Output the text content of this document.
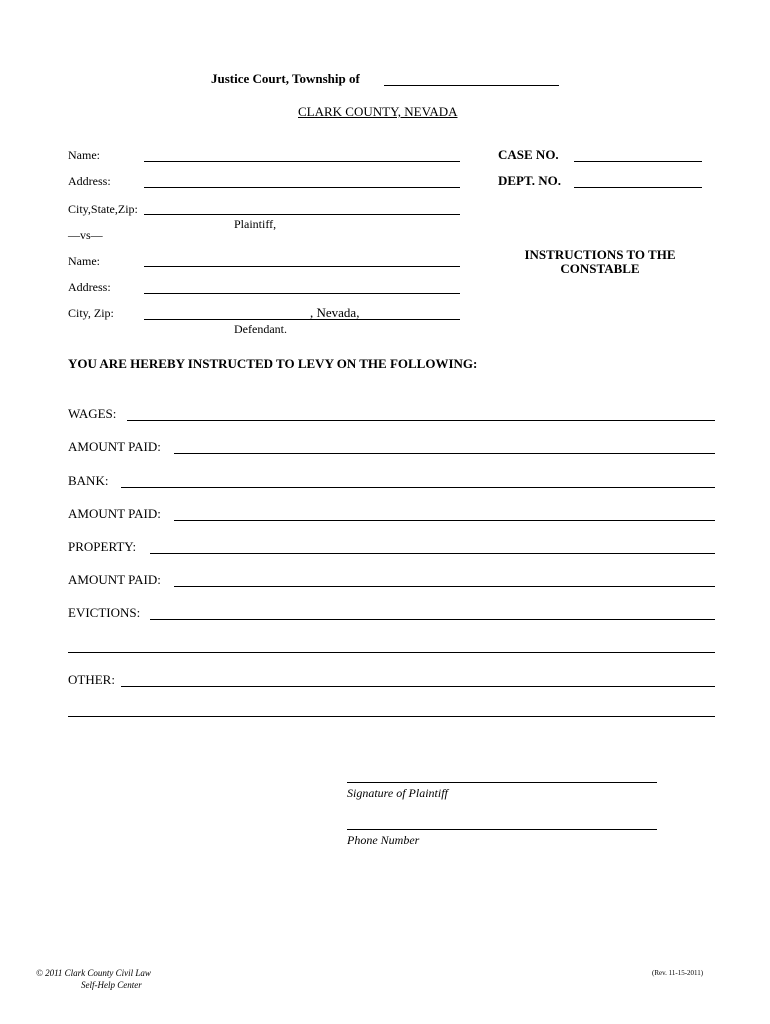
Justice Court, Township of
CLARK COUNTY, NEVADA
Name:
Address:
City,State,Zip:
Plaintiff,
—vs—
Name:
Address:
City, Zip:	, Nevada,
Defendant.
CASE NO.
DEPT. NO.
INSTRUCTIONS TO THE
CONSTABLE
YOU ARE HEREBY INSTRUCTED TO LEVY ON THE FOLLOWING:
WAGES:
AMOUNT PAID:
BANK:
AMOUNT PAID:
PROPERTY:
AMOUNT PAID:
EVICTIONS:
OTHER:
Signature of Plaintiff
Phone Number
© 2011 Clark County Civil Law
Self-Help Center
(Rev. 11-15-2011)
